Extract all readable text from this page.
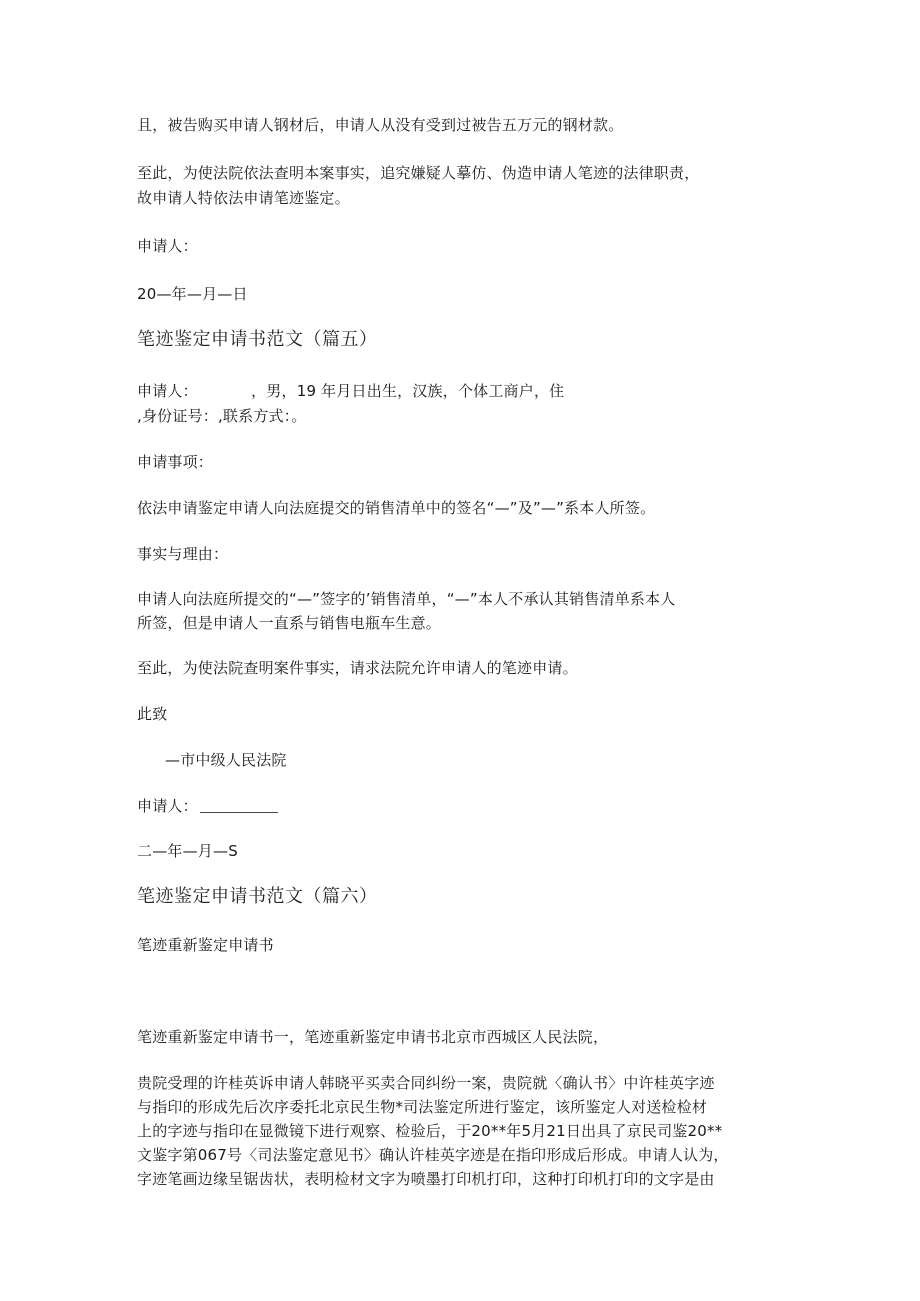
且，被告购买申请人钢材后，申请人从没有受到过被告五万元的钢材款。
至此，为使法院依法查明本案事实，追究嫌疑人摹仿、伪造申请人笔迹的法律职责，
故申请人特依法申请笔迹鉴定。
申请人：
20—年—月—日
笔迹鉴定申请书范文（篇五）
申请人：　　　　，男，19 年月日出生，汉族，个体工商户，住
,身份证号：,联系方式：。
申请事项：
依法申请鉴定申请人向法庭提交的销售清单中的签名“—”及”—”系本人所签。
事实与理由：
申请人向法庭所提交的“—”签字的’销售清单，“—”本人不承认其销售清单系本人
所签，但是申请人一直系与销售电瓶车生意。
至此，为使法院查明案件事实，请求法院允许申请人的笔迹申请。
此致
—市中级人民法院
申请人：
二—年—月—S
笔迹鉴定申请书范文（篇六）
笔迹重新鉴定申请书
笔迹重新鉴定申请书一，笔迹重新鉴定申请书北京市西城区人民法院，
贵院受理的许桂英诉申请人韩晓平买卖合同纠纷一案，贵院就〈确认书〉中许桂英字迹
与指印的形成先后次序委托北京民生物*司法鉴定所进行鉴定，该所鉴定人对送检检材
上的字迹与指印在显微镜下进行观察、检验后，于20**年5月21日出具了京民司鉴20**
文鉴字第067号〈司法鉴定意见书〉确认许桂英字迹是在指印形成后形成。申请人认为，
字迹笔画边缘呈锯齿状，表明检材文字为喷墨打印机打印，这种打印机打印的文字是由
